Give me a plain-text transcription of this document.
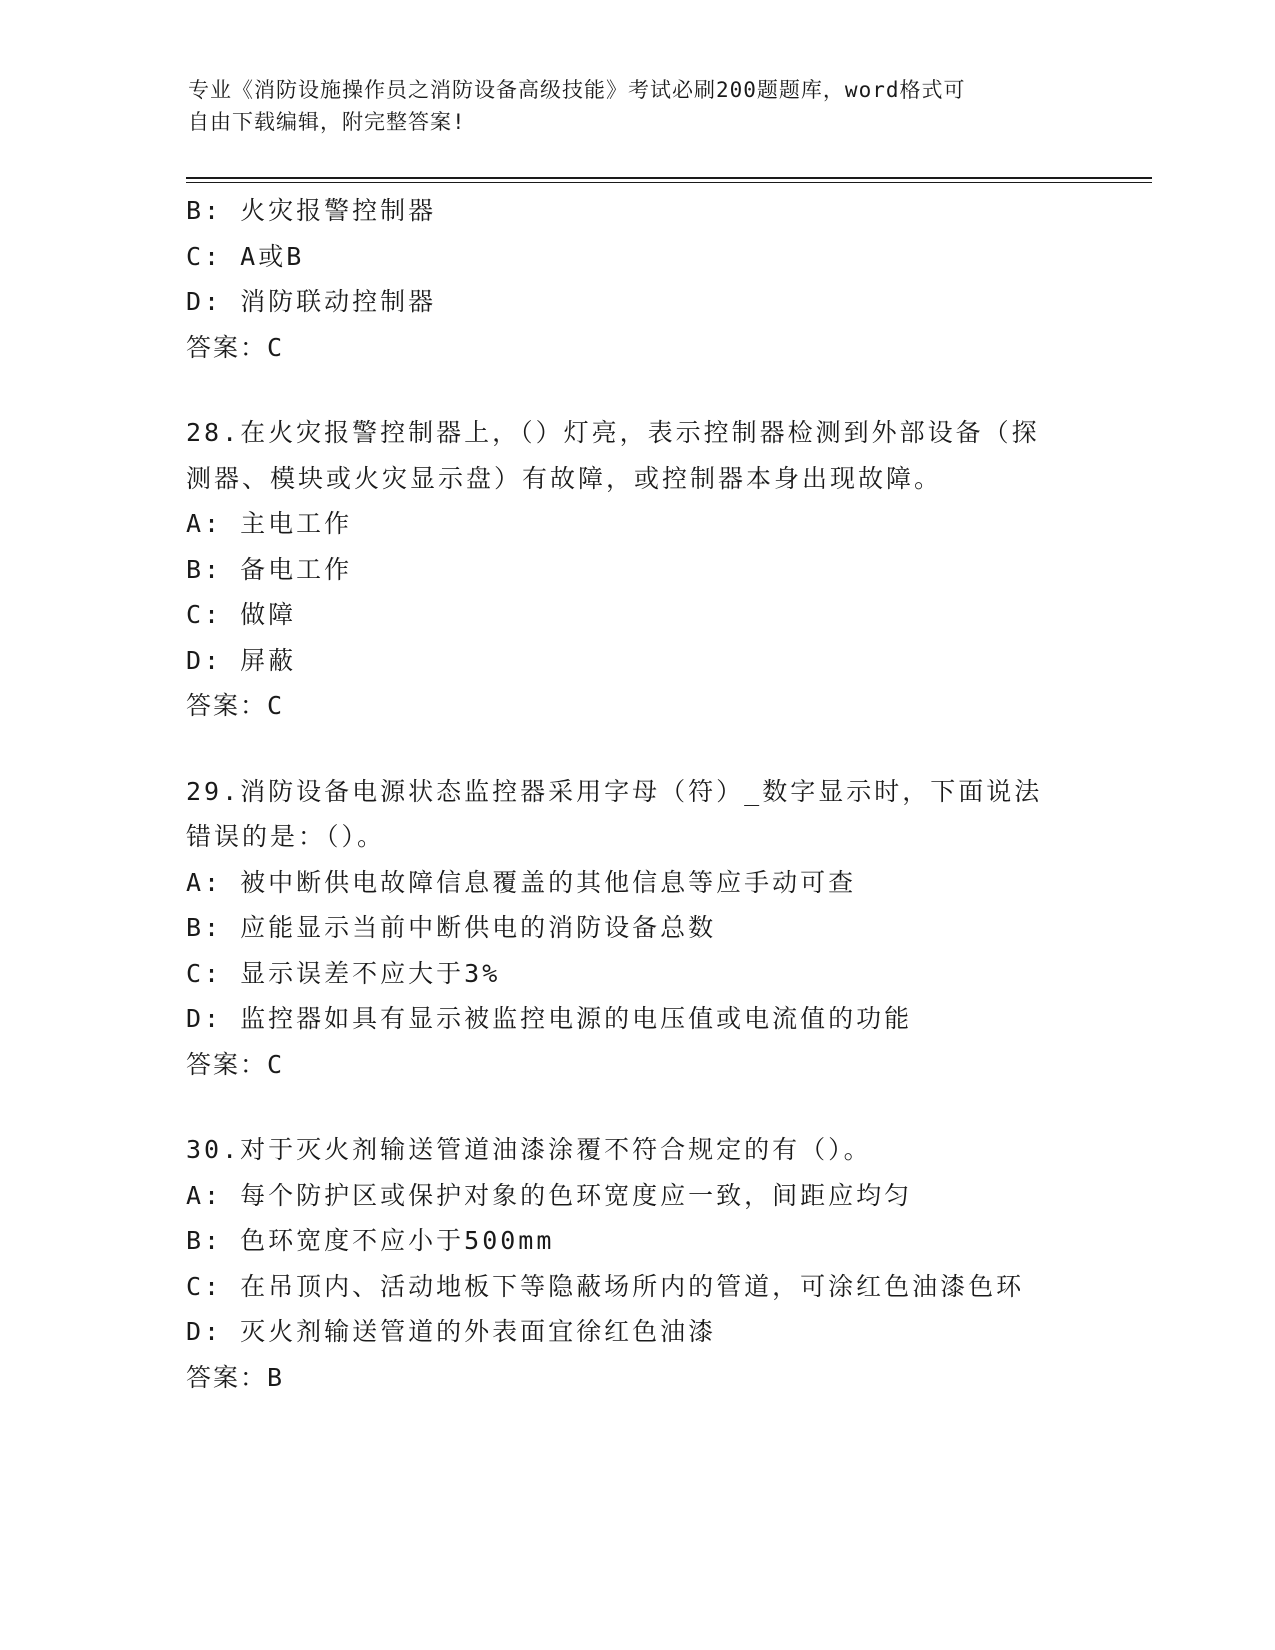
专业《消防设施操作员之消防设备高级技能》考试必刷200题题库，word格式可
自由下载编辑，附完整答案!
B: 火灾报警控制器
C: A或B
D: 消防联动控制器
答案：C
28.在火灾报警控制器上，（）灯亮，表示控制器检测到外部设备（探
测器、模块或火灾显示盘）有故障，或控制器本身出现故障。
A: 主电工作
B: 备电工作
C: 做障
D: 屏蔽
答案：C
29.消防设备电源状态监控器采用字母（符）_数字显示时，下面说法
错误的是：（）。
A: 被中断供电故障信息覆盖的其他信息等应手动可查
B: 应能显示当前中断供电的消防设备总数
C: 显示误差不应大于3%
D: 监控器如具有显示被监控电源的电压值或电流值的功能
答案：C
30.对于灭火剂输送管道油漆涂覆不符合规定的有（）。
A: 每个防护区或保护对象的色环宽度应一致，间距应均匀
B: 色环宽度不应小于500mm
C: 在吊顶内、活动地板下等隐蔽场所内的管道，可涂红色油漆色环
D: 灭火剂输送管道的外表面宜徐红色油漆
答案：B
